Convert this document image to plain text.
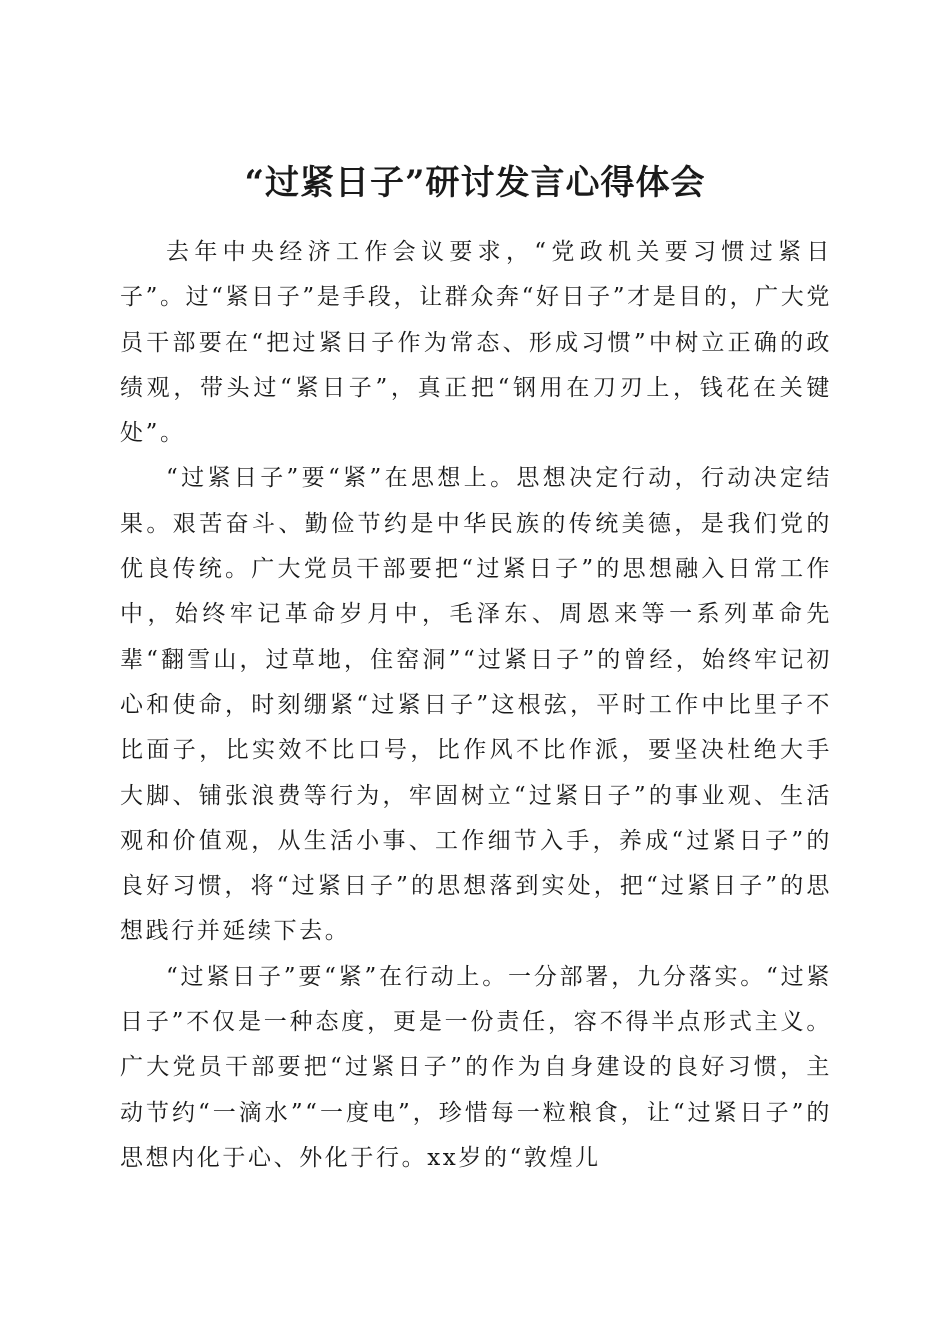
“过紧日子”研讨发言心得体会

去年中央经济工作会议要求，“党政机关要习惯过紧日子”。过“紧日子”是手段，让群众奔“好日子”才是目的，广大党员干部要在“把过紧日子作为常态、形成习惯”中树立正确的政绩观，带头过“紧日子”，真正把“钢用在刀刃上，钱花在关键处”。

“过紧日子”要“紧”在思想上。思想决定行动，行动决定结果。艰苦奋斗、勤俭节约是中华民族的传统美德，是我们党的优良传统。广大党员干部要把“过紧日子”的思想融入日常工作中，始终牢记革命岁月中，毛泽东、周恩来等一系列革命先辈“翻雪山，过草地，住窑洞”“过紧日子”的曾经，始终牢记初心和使命，时刻绷紧“过紧日子”这根弦，平时工作中比里子不比面子，比实效不比口号，比作风不比作派，要坚决杜绝大手大脚、铺张浪费等行为，牢固树立“过紧日子”的事业观、生活观和价值观，从生活小事、工作细节入手，养成“过紧日子”的良好习惯，将“过紧日子”的思想落到实处，把“过紧日子”的思想践行并延续下去。

“过紧日子”要“紧”在行动上。一分部署，九分落实。“过紧日子”不仅是一种态度，更是一份责任，容不得半点形式主义。广大党员干部要把“过紧日子”的作为自身建设的良好习惯，主动节约“一滴水”“一度电”，珍惜每一粒粮食，让“过紧日子”的思想内化于心、外化于行。xx岁的“敦煌儿
